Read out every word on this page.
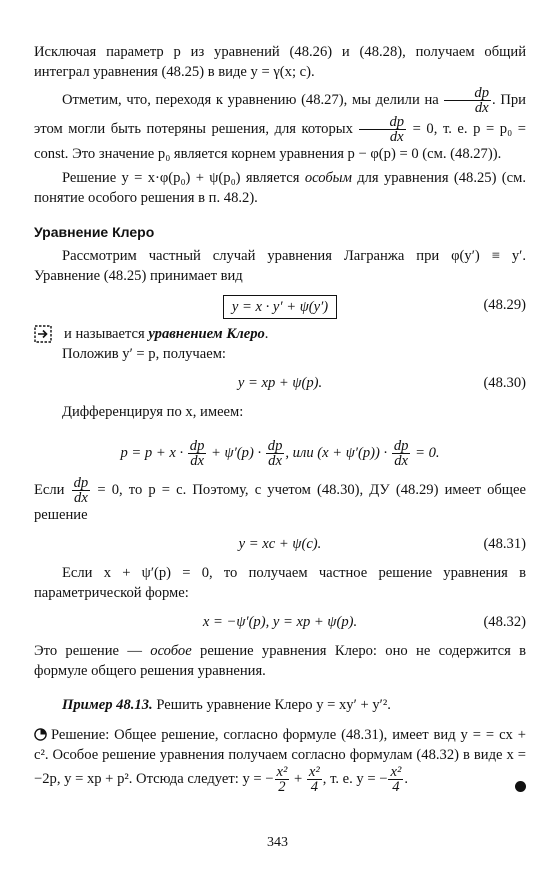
Исключая параметр p из уравнений (48.26) и (48.28), получаем общий интеграл уравнения (48.25) в виде y = γ(x; c).

Отметим, что, переходя к уравнению (48.27), мы делили на $\frac{dp}{dx}$ . При этом могли быть потеряны решения, для которых $\frac{dp}{dx} = 0$, т. е. p = p₀ = const. Это значение p₀ является корнем уравнения p − φ(p) = 0 (см. (48.27)).

Решение y = x·φ(p₀) + ψ(p₀) является особым для уравнения (48.25) (см. понятие особого решения в п. 48.2).

Уравнение Клеро

Рассмотрим частный случай уравнения Лагранжа при φ(y′) ≡ y′. Уравнение (48.25) принимает вид

y = x · y′ + ψ(y′)	(48.29)

и называется уравнением Клеро.

Положив y′ = p, получаем:

y = xp + ψ(p).	(48.30)

Дифференцируя по x, имеем:

$p = p + x \cdot \frac{dp}{dx} + \psi'(p) \cdot \frac{dp}{dx}$ , или $(x + \psi'(p)) \cdot \frac{dp}{dx} = 0$.

Если $\frac{dp}{dx} = 0$, то p = c. Поэтому, с учетом (48.30), ДУ (48.29) имеет общее решение

y = xc + ψ(c).	(48.31)

Если x + ψ′(p) = 0, то получаем частное решение уравнения в параметрической форме:

x = −ψ′(p), y = xp + ψ(p).	(48.32)

Это решение — особое решение уравнения Клеро: оно не содержится в формуле общего решения уравнения.

Пример 48.13. Решить уравнение Клеро y = xy′ + y′².

Решение: Общее решение, согласно формуле (48.31), имеет вид y = = cx + c². Особое решение уравнения получаем согласно формулам (48.32) в виде x = −2p, y = xp + p². Отсюда следует: y = − $\frac{\text{x²}}{2} + \frac{\text{x²}}{4}$ , т. е. y = − $\frac{\text{x²}}{4}$ .

343
